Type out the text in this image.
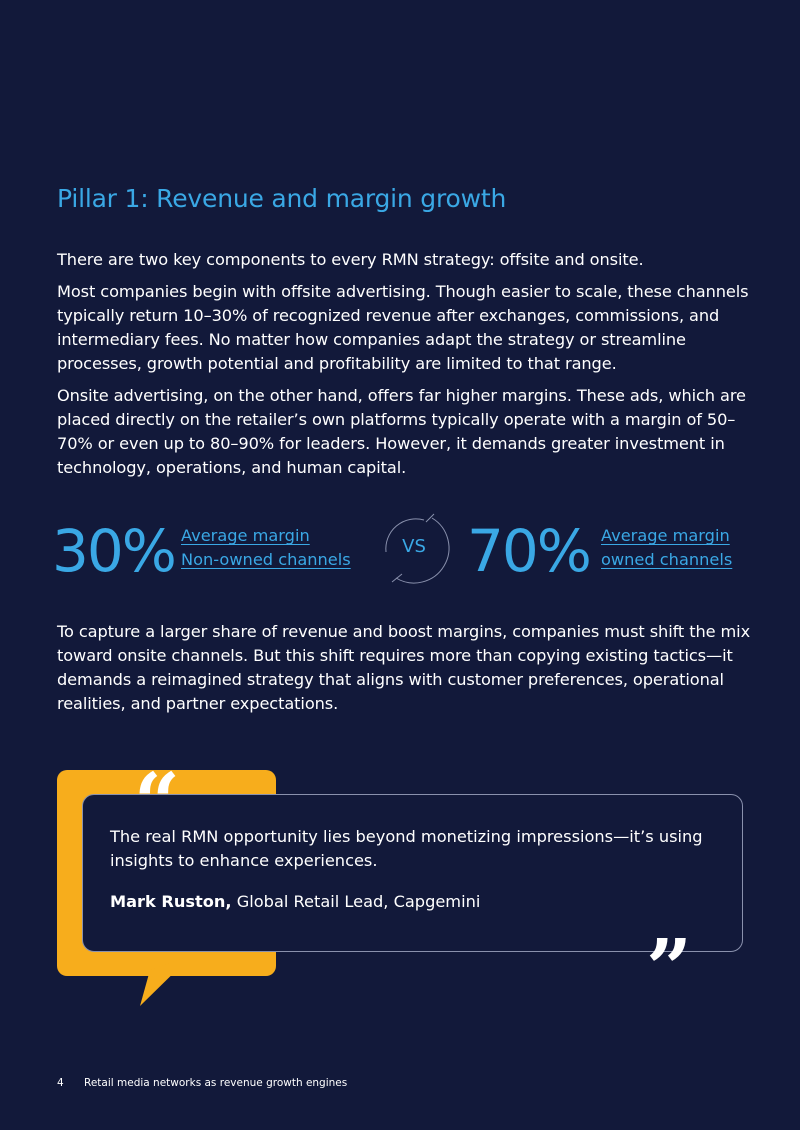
Pillar 1: Revenue and margin growth

There are two key components to every RMN strategy: offsite and onsite.

Most companies begin with offsite advertising. Though easier to scale, these channels typically return 10–30% of recognized revenue after exchanges, commissions, and intermediary fees. No matter how companies adapt the strategy or streamline processes, growth potential and profitability are limited to that range.

Onsite advertising, on the other hand, offers far higher margins. These ads, which are placed directly on the retailer’s own platforms typically operate with a margin of 50–70% or even up to 80–90% for leaders. However, it demands greater investment in technology, operations, and human capital.

30% Average margin
Non-owned channels
VS 70% Average margin
owned channels

To capture a larger share of revenue and boost margins, companies must shift the mix toward onsite channels. But this shift requires more than copying existing tactics—it demands a reimagined strategy that aligns with customer preferences, operational realities, and partner expectations.

“

The real RMN opportunity lies beyond monetizing impressions—it’s using insights to enhance experiences.

Mark Ruston, Global Retail Lead, Capgemini

”
4 Retail media networks as revenue growth engines
